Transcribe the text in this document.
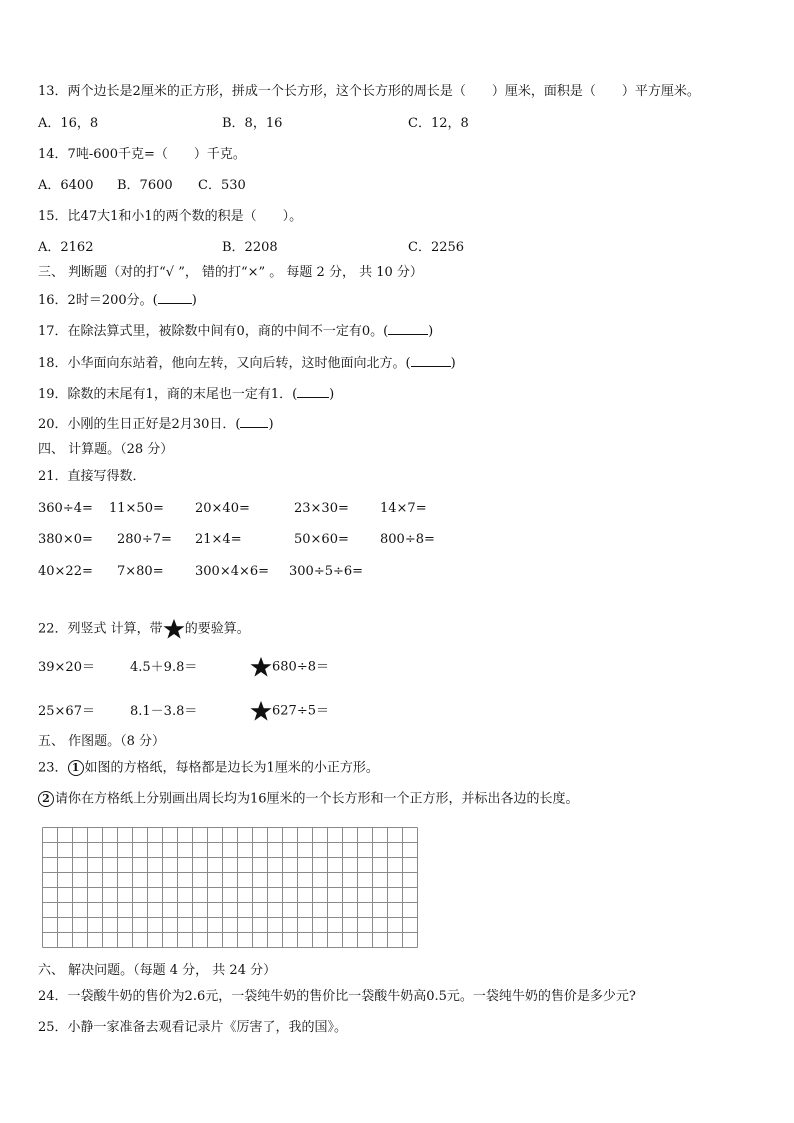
13．两个边长是2厘米的正方形，拼成一个长方形，这个长方形的周长是（　　）厘米，面积是（　　）平方厘米。
A．16，8	B．8，16	C．12，8
14．7吨-600千克=（　　）千克。
A．6400 B．7600 C．530
15．比47大1和小1的两个数的积是（　　）。
A．2162	B．2208	C．2256
三、 判断题（对的打“√ ”， 错的打“×” 。 每题 2 分， 共 10 分）
16．2时＝200分。(	)
17．在除法算式里，被除数中间有0，商的中间不一定有0。(	)
18．小华面向东站着，他向左转，又向后转，这时他面向北方。(	)
19．除数的末尾有1，商的末尾也一定有1．( )
20．小刚的生日正好是2月30日．( )
四、 计算题。（28 分）
21．直接写得数．
360÷4= 11×50= 20×40=	23×30= 14×7=
380×0= 280÷7= 21×4=	50×60= 800÷8=
40×22= 7×80= 300×4×6= 300÷5÷6=
22．列竖式 计算，带 的要验算。
39×20＝	4.5＋9.8＝	680÷8＝
25×67＝	8.1－3.8＝	627÷5＝
五、 作图题。（8 分）
23． 1 如图的方格纸，每格都是边长为1厘米的小正方形。
2 请你在方格纸上分别画出周长均为16厘米的一个长方形和一个正方形，并标出各边的长度。
六、 解决问题。（每题 4 分， 共 24 分）
24．一袋酸牛奶的售价为2.6元，一袋纯牛奶的售价比一袋酸牛奶高0.5元。一袋纯牛奶的售价是多少元?
25．小静一家准备去观看记录片《厉害了，我的国》。
